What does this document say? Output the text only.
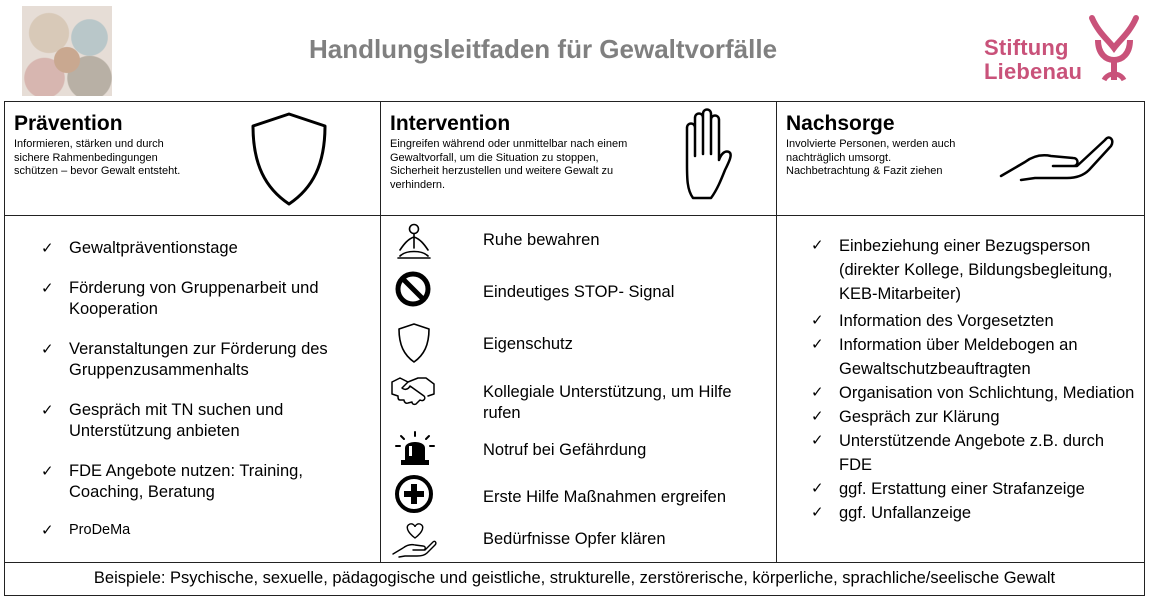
Handlungsleitfaden für Gewaltvorfälle	Stiftung
Liebenau
Prävention

Informieren, stärken und durch sichere Rahmenbedingungen schützen – bevor Gewalt entsteht.

Intervention

Eingreifen während oder unmittelbar nach einem Gewaltvorfall, um die Situation zu stoppen, Sicherheit herzustellen und weitere Gewalt zu verhindern.

Nachsorge

Involvierte Personen, werden auch nachträglich umsorgt. Nachbetrachtung & Fazit ziehen

✓ Gewaltpräventionstage
✓ Förderung von Gruppenarbeit und Kooperation
✓ Veranstaltungen zur Förderung des Gruppenzusammenhalts
✓ Gespräch mit TN suchen und Unterstützung anbieten
✓ FDE Angebote nutzen: Training, Coaching, Beratung
✓ ProDeMa
Ruhe bewahren
Eindeutiges STOP- Signal
Eigenschutz
Kollegiale Unterstützung, um Hilfe rufen
Notruf bei Gefährdung
Erste Hilfe Maßnahmen ergreifen
Bedürfnisse Opfer klären
✓ Einbeziehung einer Bezugsperson (direkter Kollege, Bildungsbegleitung, KEB-Mitarbeiter)
✓ Information des Vorgesetzten
✓ Information über Meldebogen an Gewaltschutzbeauftragten
✓ Organisation von Schlichtung, Mediation
✓ Gespräch zur Klärung
✓ Unterstützende Angebote z.B. durch FDE
✓ ggf. Erstattung einer Strafanzeige
✓ ggf. Unfallanzeige
Beispiele: Psychische, sexuelle, pädagogische und geistliche, strukturelle, zerstörerische, körperliche, sprachliche/seelische Gewalt
